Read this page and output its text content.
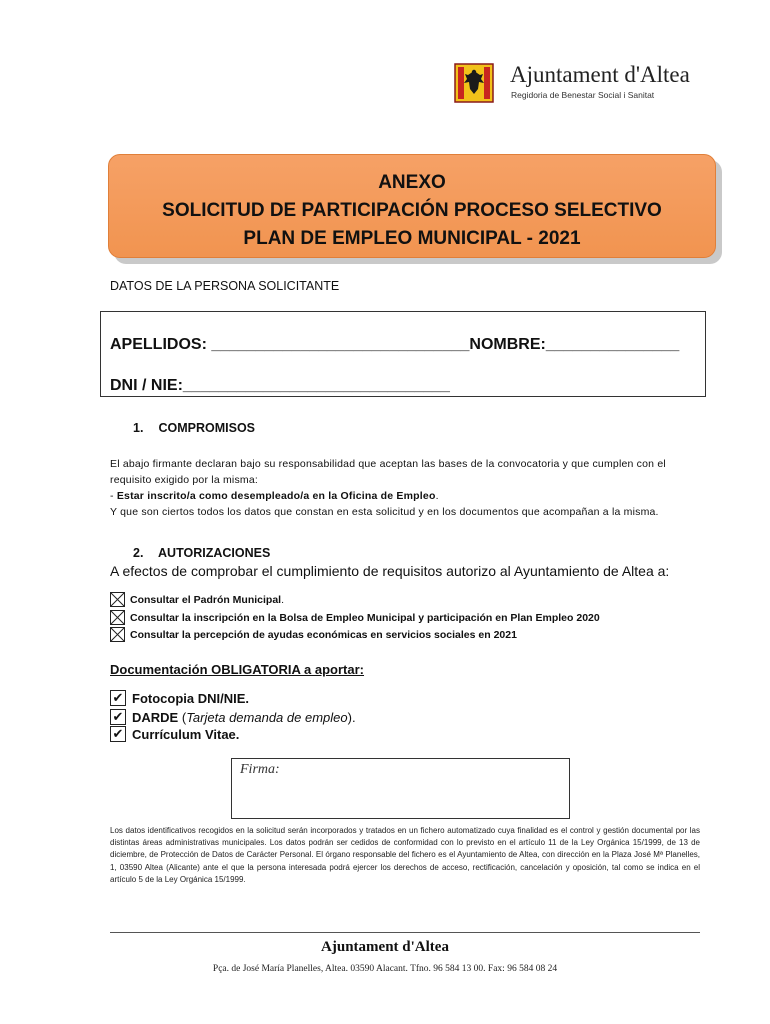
Ajuntament d'Altea
Regidoria de Benestar Social i Sanitat
ANEXO
SOLICITUD DE PARTICIPACIÓN PROCESO SELECTIVO
PLAN DE EMPLEO MUNICIPAL - 2021
DATOS DE LA PERSONA SOLICITANTE
APELLIDOS: _____________________________NOMBRE:_______________
DNI / NIE:______________________________
1. COMPROMISOS
El abajo firmante declaran bajo su responsabilidad que aceptan las bases de la convocatoria y que cumplen con el requisito exigido por la misma:
- Estar inscrito/a como desempleado/a en la Oficina de Empleo.
Y que son ciertos todos los datos que constan en esta solicitud y en los documentos que acompañan a la misma.
2. AUTORIZACIONES
A efectos de comprobar el cumplimiento de requisitos autorizo al Ayuntamiento de Altea a:
Consultar el Padrón Municipal .
Consultar la inscripción en la Bolsa de Empleo Municipal y participación en Plan Empleo 2020
Consultar la percepción de ayudas económicas en servicios sociales en 2021
Documentación OBLIGATORIA a aportar:
✔ Fotocopia DNI/NIE.
✔ DARDE ( Tarjeta demanda de empleo ).
✔ Currículum Vitae.
Firma:
Los datos identificativos recogidos en la solicitud serán incorporados y tratados en un fichero automatizado cuya finalidad es el control y gestión documental por las distintas áreas administrativas municipales. Los datos podrán ser cedidos de conformidad con lo previsto en el artículo 11 de la Ley Orgánica 15/1999, de 13 de diciembre, de Protección de Datos de Carácter Personal. El órgano responsable del fichero es el Ayuntamiento de Altea, con dirección en la Plaza José Mª Planelles, 1, 03590 Altea (Alicante) ante el que la persona interesada podrá ejercer los derechos de acceso, rectificación, cancelación y oposición, tal como se indica en el artículo 5 de la Ley Orgánica 15/1999.
Ajuntament d'Altea
Pça. de José María Planelles, Altea. 03590 Alacant. Tfno. 96 584 13 00. Fax: 96 584 08 24
